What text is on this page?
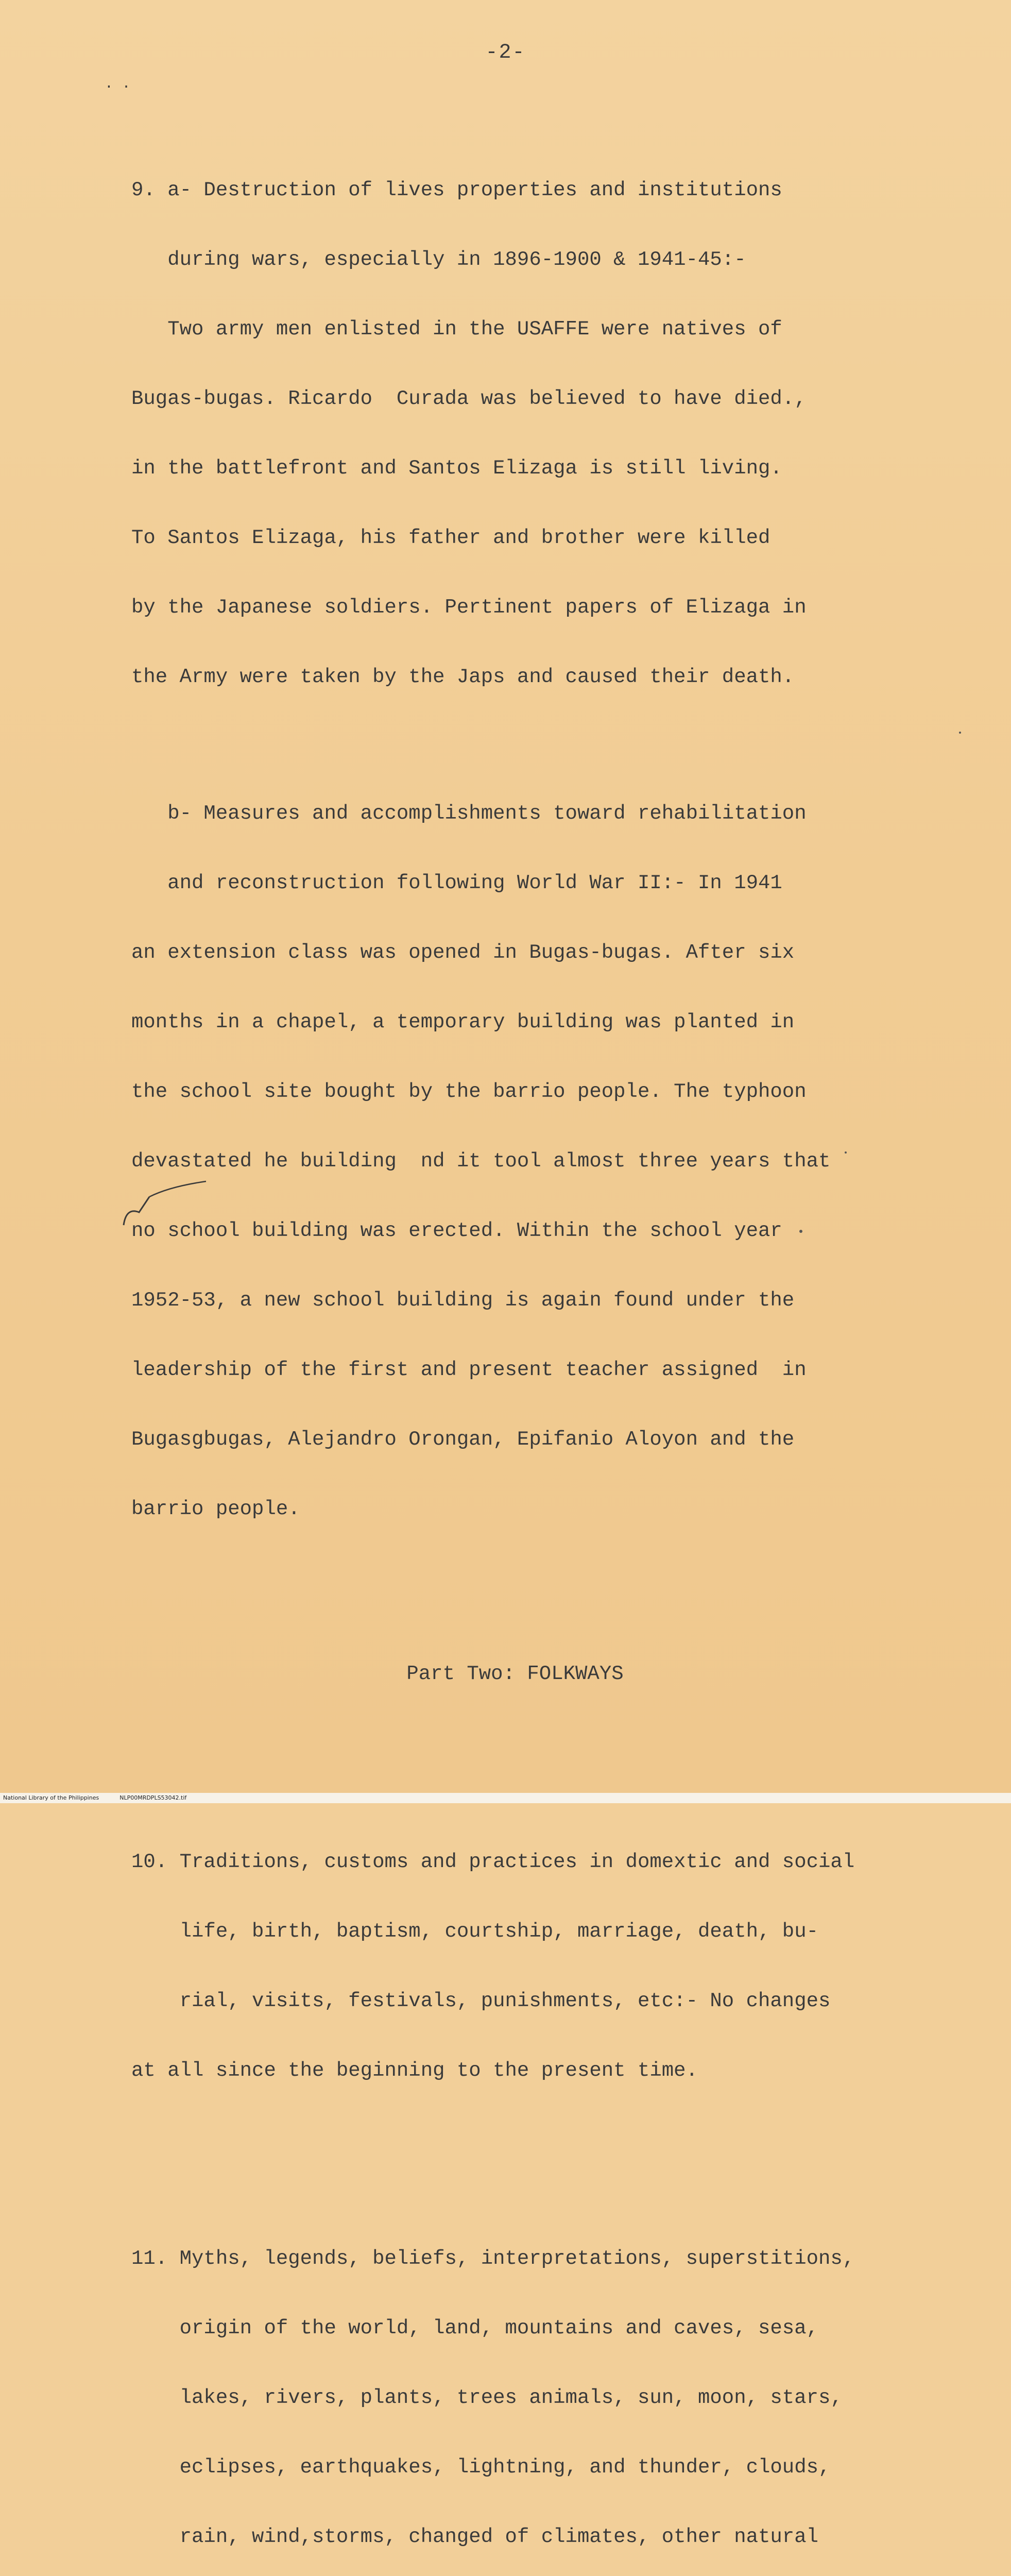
-2-
. .

9. a- Destruction of lives properties and institutions

during wars, especially in 1896-1900 & 1941-45:-

Two army men enlisted in the USAFFE were natives of

Bugas-bugas. Ricardo  Curada was believed to have died.,

in the battlefront and Santos Elizaga is still living.

To Santos Elizaga, his father and brother were killed

by the Japanese soldiers. Pertinent papers of Elizaga in

the Army were taken by the Japs and caused their death.

b- Measures and accomplishments toward rehabilitation

and reconstruction following World War II:- In 1941

an extension class was opened in Bugas-bugas. After six

months in a chapel, a temporary building was planted in

the school site bought by the barrio people. The typhoon

devastated he building  nd it tool almost three years that

no school building was erected. Within the school year

1952-53, a new school building is again found under the

leadership of the first and present teacher assigned  in

Bugasgbugas, Alejandro Orongan, Epifanio Aloyon and the

barrio people.

Part Two: FOLKWAYS

10. Traditions, customs and practices in domextic and social

life, birth, baptism, courtship, marriage, death, bu-

rial, visits, festivals, punishments, etc:- No changes

at all since the beginning to the present time.

11. Myths, legends, beliefs, interpretations, superstitions,

origin of the world, land, mountains and caves, sesa,

lakes, rivers, plants, trees animals, sun, moon, stars,

eclipses, earthquakes, lightning, and thunder, clouds,

rain, wind,storms, changed of climates, other natural

National Library of the Philippines	NLP00MRDPLS53042.tif
